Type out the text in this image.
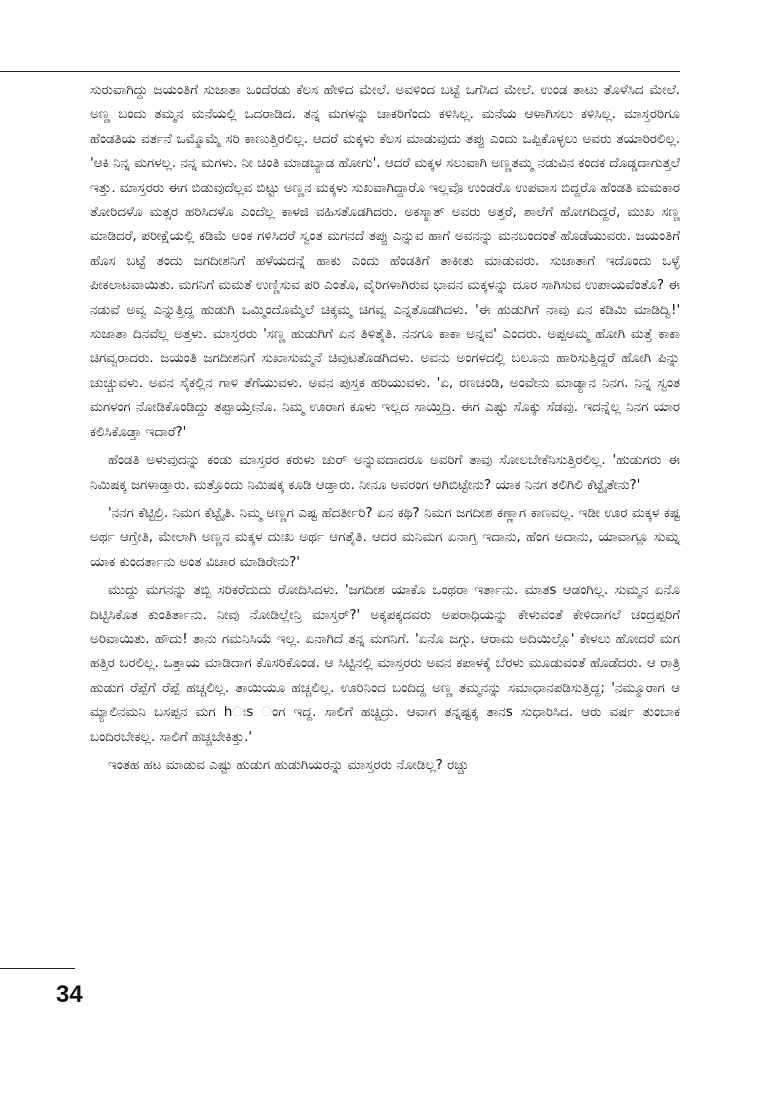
ಸುರುವಾಗಿದ್ದು ಜಯಂತಿಗೆ ಸುಜಾತಾ ಒಂದೆರಡು ಕೆಲಸ ಹೇಳಿದ ಮೇಲೆ. ಅವಳಿಂದ ಬಟ್ಟೆ ಒಗೆಸಿದ ಮೇಲೆ. ಉಂಡ ತಾಟು ತೊಳೆಸಿದ ಮೇಲೆ. ಅಣ್ಣ ಬಂದು ತಮ್ಮನ ಮನೆಯಲ್ಲಿ ಒದರಾಡಿದ. ತನ್ನ ಮಗಳನ್ನು ಚಾಕರಿಗೆಂದು ಕಳಿಸಿಲ್ಲ. ಮನೆಯ ಆಳಾಗಿಸಲು ಕಳಿಸಿಲ್ಲ. ಮಾಸ್ತರರಿಗೂ ಹೆಂಡತಿಯ ವರ್ತನೆ ಒಮ್ಮೊಮ್ಮೆ ಸರಿ ಕಾಣುತ್ತಿರಲಿಲ್ಲ. ಆದರೆ ಮಕ್ಕಳು ಕೆಲಸ ಮಾಡುವುದು ತಪ್ಪು ಎಂದು ಒಪ್ಪಿಕೊಳ್ಳಲು ಅವರು ತಯಾರಿರಲಿಲ್ಲ. 'ಆಕಿ ನಿನ್ನ ಮಗಳಲ್ಲ. ನನ್ನ ಮಗಳು. ನೀ ಚಿಂತಿ ಮಾಡಬ್ಯಾಡ ಹೋಗು'. ಆದರೆ ಮಕ್ಕಳ ಸಲುವಾಗಿ ಅಣ್ಣತಮ್ಮ ನಡುವಿನ ಕಂದಕ ದೊಡ್ಡದಾಗುತ್ತಲೆ ಇತ್ತು. ಮಾಸ್ತರರು ಈಗ ಬಿಡುವುದೆಲ್ಲವ ಬಿಟ್ಟು ಅಣ್ಣನ ಮಕ್ಕಳು ಸುಖವಾಗಿದ್ದಾರೊ ಇಲ್ಲವೊ ಉಂಡರೊ ಉಪವಾಸ ಬಿದ್ದರೊ ಹೆಂಡತಿ ಮಮಕಾರ ತೋರಿದಳೊ ಮತ್ಸರ ಹರಿಸಿದಳೊ ಎಂದೆಲ್ಲ ಕಾಳಜಿ ವಹಿಸತೊಡಗಿದರು. ಅಕಸ್ಮಾತ್ ಅವರು ಅತ್ತರೆ, ಶಾಲೆಗೆ ಹೋಗದಿದ್ದರೆ, ಮುಖ ಸಣ್ಣ ಮಾಡಿದರೆ, ಪರೀಕ್ಷೆಯಲ್ಲಿ ಕಡಿಮೆ ಅಂಕ ಗಳಿಸಿದರೆ ಸ್ವಂತ ಮಗನದೆ ತಪ್ಪು ಎನ್ನುವ ಹಾಗೆ ಅವನನ್ನು ಮನಬಂದಂತೆ ಹೊಡೆಯುವರು. ಜಯಂತಿಗೆ ಹೊಸ ಬಟ್ಟೆ ತಂದು ಜಗದೀಶನಿಗೆ ಹಳೆಯದನ್ನೆ ಹಾಕು ಎಂದು ಹೆಂಡತಿಗೆ ತಾಕೀತು ಮಾಡುವರು. ಸುಜಾತಾಗೆ ಇದೊಂದು ಒಳ್ಳೆ ಪೀಕಲಾಟವಾಯಿತು. ಮಗನಿಗೆ ಮಮತೆ ಉಣ್ಣಿಸುವ ಪರಿ ಎಂತೊ, ವೈರಿಗಳಾಗಿರುವ ಭಾವನ ಮಕ್ಕಳನ್ನು ದೂರ ಸಾಗಿಸುವ ಉಪಾಯವೆಂತೊ? ಈ ನಡುವೆ ಅವ್ವ ಎನ್ನುತ್ತಿದ್ದ ಹುಡುಗಿ ಒಮ್ಮಿಂದೊಮ್ಮೆಲೆ ಚಿಕ್ಕಮ್ಮ ಚಿಗವ್ವ ಎನ್ನತೊಡಗಿದಳು. 'ಈ ಹುಡುಗಿಗೆ ನಾವು ಏನ ಕಡಿಮಿ ಮಾಡಿದ್ವಿ!' ಸುಜಾತಾ ದಿನವೆಲ್ಲ ಅತ್ತಳು. ಮಾಸ್ತರರು 'ಸಣ್ಣ ಹುಡುಗಿಗೆ ಏನ ತಿಳಿತೈತಿ. ನನಗೂ ಕಾಕಾ ಅನ್ನವ' ಎಂದರು. ಅಪ್ಪಅಮ್ಮ ಹೋಗಿ ಮತ್ತೆ ಕಾಕಾ ಚಿಗವ್ವರಾದರು. ಜಯಂತಿ ಜಗದೀಶನಿಗೆ ಸುಖಾಸುಮ್ಮನೆ ಚಿವುಟತೊಡಗಿದಳು. ಅವನು ಅಂಗಳದಲ್ಲಿ ಬಲೂನು ಹಾರಿಸುತ್ತಿದ್ದರೆ ಹೋಗಿ ಪಿನ್ನು ಚುಚ್ಚುವಳು. ಅವನ ಸೈಕಲ್ಲಿನ ಗಾಳಿ ತೆಗೆಯುವಳು. ಅವನ ಪುಸ್ತಕ ಹರಿಯುವಳು. 'ಏ, ರಣಚಂಡಿ, ಅಂವೇನು ಮಾಡ್ಯಾನ ನಿನಗ. ನಿನ್ನ ಸ್ವಂತ ಮಗಳಂಗ ನೋಡಿಕೊಂಡಿದ್ದು ತಪ್ಪಾಯ್ತೇನೊ. ನಿಮ್ಮ ಊರಾಗ ಕೂಳು ಇಲ್ಲದ ಸಾಯ್ತಿದ್ರಿ. ಈಗ ಎಷ್ಟು ಸೊಕ್ಕು ಸೆಡವು. ಇದನ್ನೆಲ್ಲ ನಿನಗ ಯಾರ ಕಲಿಸಿಕೊಡ್ತಾ ಇದಾರೆ?'

ಹೆಂಡತಿ ಅಳುವುದನ್ನು ಕಂಡು ಮಾಸ್ತರರ ಕರುಳು ಚುರ್ ಅನ್ನುವದಾದರೂ ಅವರಿಗೆ ತಾವು ಸೋಲಬೇಕೆನಿಸುತ್ತಿರಲಿಲ್ಲ. 'ಹುಡುಗರು ಈ ನಿಮಿಷಕ್ಕ ಜಗಳಾಡ್ತಾರು. ಮತ್ತೊಂದು ನಿಮಿಷಕ್ಕ ಕೂಡಿ ಆಡ್ತಾರು. ನೀನೂ ಅವರಂಗ ಆಗಿಬಿಟ್ಟೇನು? ಯಾಕ ನಿನಗ ತಲಿಗಿಲಿ ಕೆಟ್ಟೈತೇನು?'

'ನನಗ ಕೆಟ್ಟಿಲ್ರಿ. ನಿಮಗ ಕೆಟ್ಟೈತಿ. ನಿಮ್ಮ ಅಣ್ಣಗ ಎಷ್ಟ ಹೆದರ್ತೀರಿ? ಏನ ಕಥಿ? ನಿಮಗ ಜಗದೀಶ ಕಣ್ಣಾಗ ಕಾಣವಲ್ಲ. ಇಡೀ ಊರ ಮಕ್ಕಳ ಕಷ್ಟ ಅರ್ಥ ಆಗ್ತೇತಿ, ಮೇಲಾಗಿ ಅಣ್ಣನ ಮಕ್ಕಳ ದುಃಖ ಅರ್ಥ ಆಗತೈತಿ. ಆದರ ಮನಿಮಗ ಏನಾಗ್ತ ಇದಾನು, ಹೆಂಗ ಅದಾನು, ಯಾವಾಗ್ಲೂ ಸುಮ್ನ ಯಾಕ ಕುಂದರ್ತಾನು ಅಂತ ವಿಚಾರ ಮಾಡಿರೇನು?'

ಮುದ್ದು ಮಗನನ್ನು ತಬ್ಬಿ ಸರಿಕರೆದುದು ರೋದಿಸಿದಳು. 'ಜಗದೀಶ ಯಾಕೊ ಒಂಥರಾ ಇರ್ತಾನು. ಮಾತs ಆಡಂಗಿಲ್ಲ. ಸುಮ್ಮನ ಏನೊ ದಿಟ್ಟಿಸಿಕೊತ ಕುಂತಿರ್ತಾನು. ನೀವು ನೋಡಿಲ್ಲೇನ್ರಿ ಮಾಸ್ತರ್?' ಅಕ್ಕಪಕ್ಕದವರು ಅಪರಾಧಿಯನ್ನು ಕೇಳುವಂತೆ ಕೇಳಿದಾಗಲೆ ಚಂದ್ರಪ್ಪರಿಗೆ ಅರಿವಾಯಿತು. ಹೌದು! ತಾನು ಗಮನಿಸಿಯೆ ಇಲ್ಲ. ಏನಾಗಿದೆ ತನ್ನ ಮಗನಿಗೆ. 'ಏನೊ ಜಗ್ಗು. ಆರಾಮ ಅದಿಯಿಲ್ಲೊ' ಕೇಳಲು ಹೋದರೆ ಮಗ ಹತ್ತಿರ ಬರಲಿಲ್ಲ. ಒತ್ತಾಯ ಮಾಡಿದಾಗ ಕೊಸರಿಕೊಂಡ. ಆ ಸಿಟ್ಟಿನಲ್ಲಿ ಮಾಸ್ತರರು ಅವನ ಕಪಾಳಕ್ಕೆ ಬೆರಳು ಮೂಡುವಂತೆ ಹೊಡೆದರು. ಆ ರಾತ್ರಿ ಹುಡುಗ ರೆಪ್ಪೆಗೆ ರೆಪ್ಪೆ ಹಚ್ಚಲಿಲ್ಲ. ತಾಯಿಯೂ ಹಚ್ಚಲಿಲ್ಲ. ಊರಿನಿಂದ ಬಂದಿದ್ದ ಅಣ್ಣ ತಮ್ಮನನ್ನು ಸಮಾಧಾನಪಡಿಸುತ್ತಿದ್ದ; 'ನಮ್ಮೂರಾಗ ಆ ಮ್ಯಾಲಿನಮನಿ ಬಸಪ್ಪನ ಮಗ hಃs ಂಗ ಇದ್ದ. ಸಾಲಿಗೆ ಹಚ್ಚಿದ್ರು. ಆವಾಗ ತನ್ನಷ್ಟಕ್ಕ ತಾನs ಸುಧಾರಿಸಿದ. ಆರು ವರ್ಷ ತುಂಬಾಕ ಬಂದಿರಬೇಕಲ್ಲ. ಸಾಲಿಗೆ ಹಚ್ಚಬೇಕಿತ್ತು.'

ಇಂತಹ ಹಟ ಮಾಡುವ ಎಷ್ಟು ಹುಡುಗ ಹುಡುಗಿಯರನ್ನು ಮಾಸ್ತರರು ನೋಡಿಲ್ಲ? ರಚ್ಚು

34
